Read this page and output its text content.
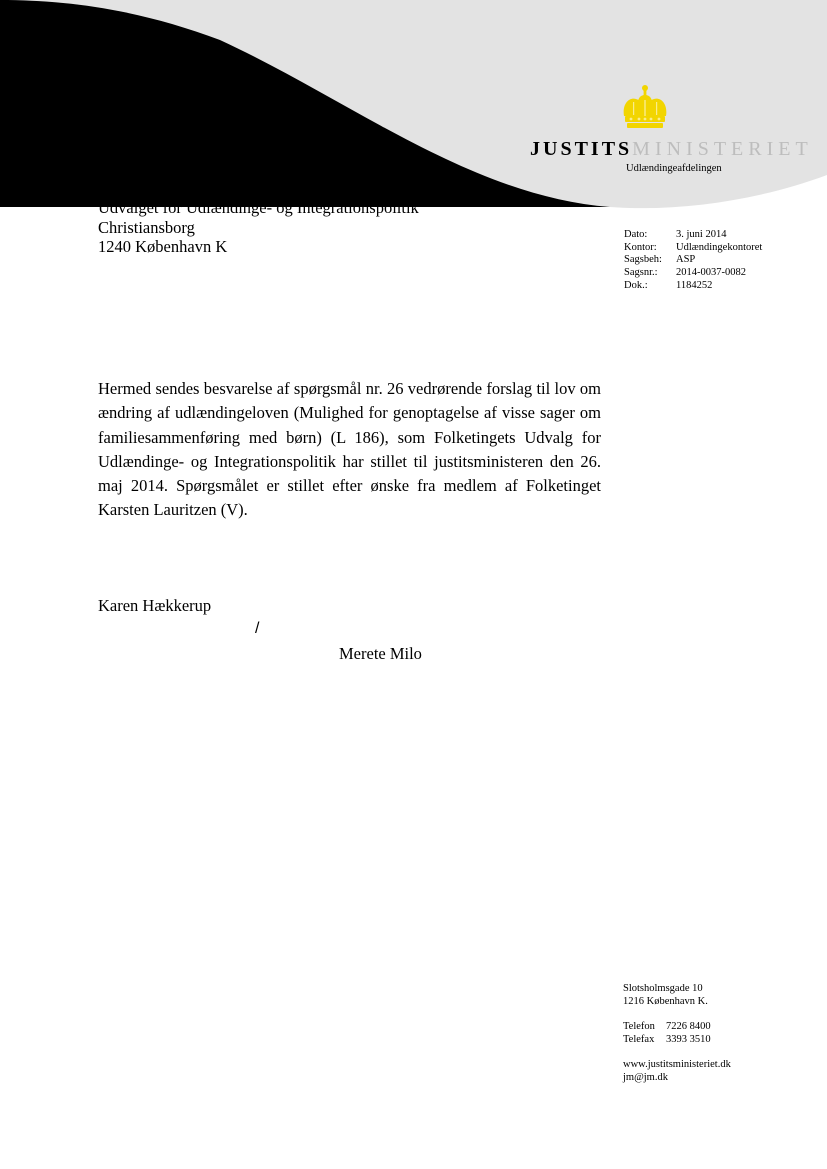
JUSTITSMINISTERIET
Udlændingeafdelingen
Udvalget for Udlændinge- og Integrationspolitik
Christiansborg
1240 København K
Dato:	3. juni 2014
Kontor:	Udlændingekontoret
Sagsbeh:	ASP
Sagsnr.:	2014-0037-0082
Dok.:	1184252
Hermed sendes besvarelse af spørgsmål nr. 26 vedrørende forslag til lov om ændring af udlændingeloven (Mulighed for genoptagelse af visse sager om familiesammenføring med børn) (L 186), som Folketingets Udvalg for Udlændinge- og Integrationspolitik har stillet til justitsministeren den 26. maj 2014. Spørgsmålet er stillet efter ønske fra medlem af Folketinget Karsten Lauritzen (V).
Karen Hækkerup
/
Merete Milo
Slotsholmsgade 10
1216 København K.
Telefon 7226 8400
Telefax 3393 3510
www.justitsministeriet.dk
jm@jm.dk
